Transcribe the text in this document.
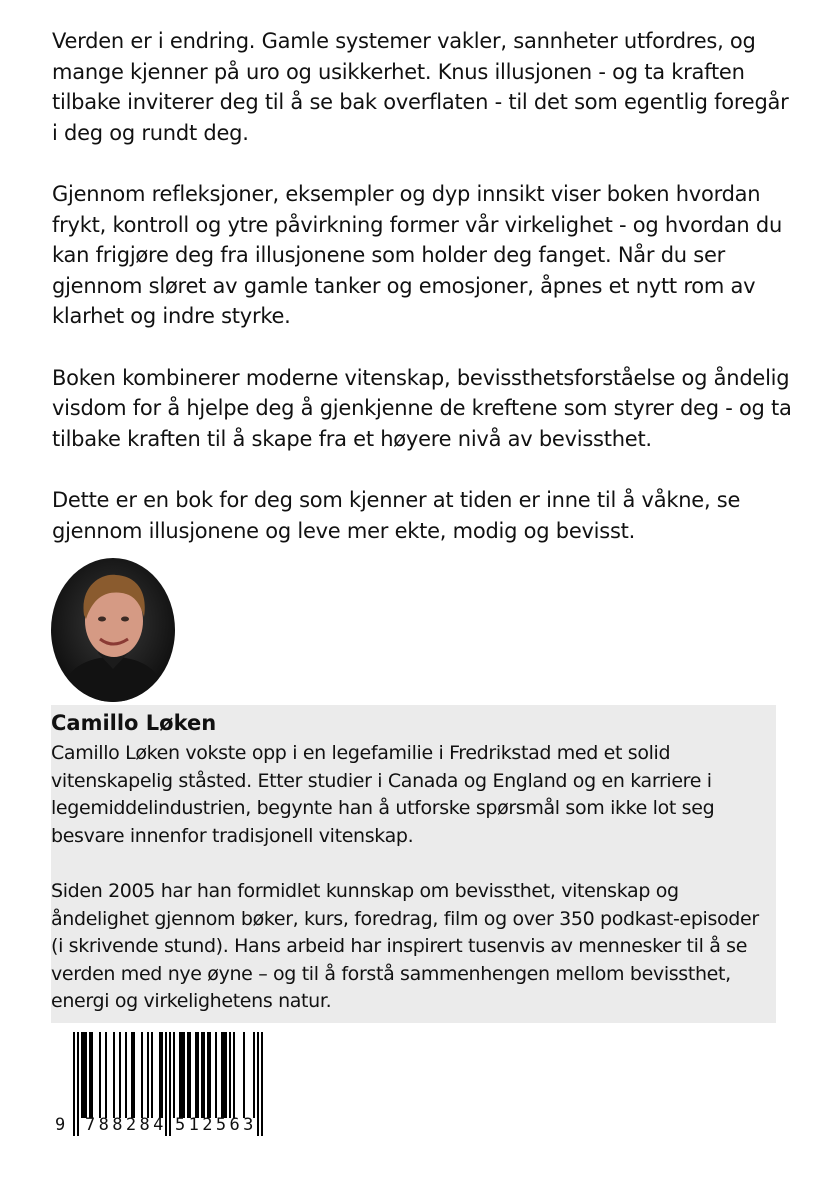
Verden er i endring. Gamle systemer vakler, sannheter utfordres, og mange kjenner på uro og usikkerhet. Knus illusjonen - og ta kraften tilbake inviterer deg til å se bak overflaten - til det som egentlig foregår i deg og rundt deg.

Gjennom refleksjoner, eksempler og dyp innsikt viser boken hvordan frykt, kontroll og ytre påvirkning former vår virkelighet - og hvordan du kan frigjøre deg fra illusjonene som holder deg fanget. Når du ser gjennom sløret av gamle tanker og emosjoner, åpnes et nytt rom av klarhet og indre styrke.

Boken kombinerer moderne vitenskap, bevissthetsforståelse og åndelig visdom for å hjelpe deg å gjenkjenne de kreftene som styrer deg - og ta tilbake kraften til å skape fra et høyere nivå av bevissthet.

Dette er en bok for deg som kjenner at tiden er inne til å våkne, se gjennom illusjonene og leve mer ekte, modig og bevisst.

Camillo Løken

Camillo Løken vokste opp i en legefamilie i Fredrikstad med et solid vitenskapelig ståsted. Etter studier i Canada og England og en karriere i legemiddelindustrien, begynte han å utforske spørsmål som ikke lot seg besvare innenfor tradisjonell vitenskap.

Siden 2005 har han formidlet kunnskap om bevissthet, vitenskap og åndelighet gjennom bøker, kurs, foredrag, film og over 350 podkast-episoder (i skrivende stund). Hans arbeid har inspirert tusenvis av mennesker til å se verden med nye øyne – og til å forstå sammenhengen mellom bevissthet, energi og virkelighetens natur.

9 788284 512563
